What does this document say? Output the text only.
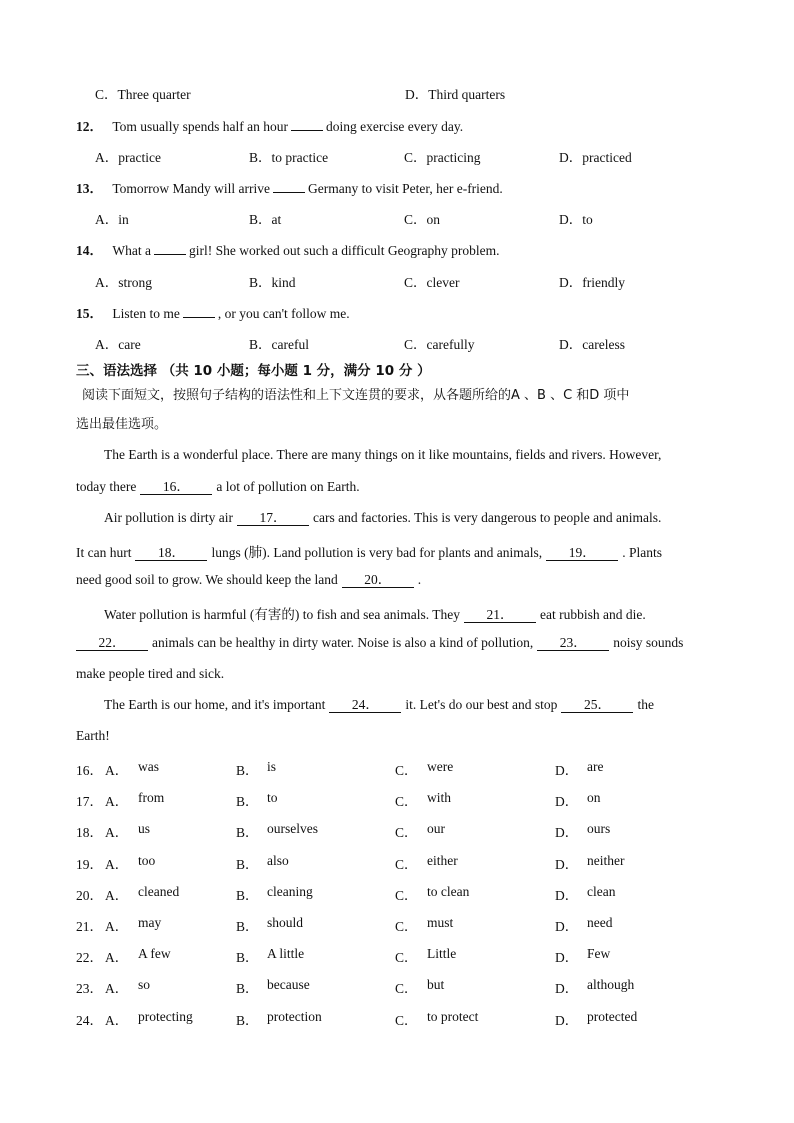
C．Three quarter	D．Third quarters
12． Tom usually spends half an hour	doing exercise every day.
A．practice	B．to practice	C．practicing	D．practiced
13． Tomorrow Mandy will arrive	Germany to visit Peter, her e-friend.
A．in	B．at	C．on	D．to
14． What a	girl! She worked out such a difficult Geography problem.
A．strong	B．kind	C．clever	D．friendly
15． Listen to me	, or you can't follow me.
A．care	B．careful	C．carefully	D．careless
三、语法选择 （共 10 小题；每小题 1 分，满分 10 分 ）
阅读下面短文，按照句子结构的语法性和上下文连贯的要求，从各题所给的A 、B 、C 和D 项中
选出最佳选项。
The Earth is a wonderful place. There are many things on it like mountains, fields and rivers. However,
today there 16． a lot of pollution on Earth.
Air pollution is dirty air 17． cars and factories. This is very dangerous to people and animals.
It can hurt 18． lungs (肺). Land pollution is very bad for plants and animals, 19． . Plants
need good soil to grow. We should keep the land 20． .
Water pollution is harmful (有害的) to fish and sea animals. They 21． eat rubbish and die.
22． animals can be healthy in dirty water. Noise is also a kind of pollution, 23． noisy sounds
make people tired and sick.
The Earth is our home, and it's important 24． it. Let's do our best and stop 25． the
Earth!
16． A． was	B． is	C． were	D． are
17． A． from	B． to	C． with	D． on
18． A． us	B． ourselves	C． our	D． ours
19． A． too	B． also	C． either	D． neither
20． A． cleaned	B． cleaning	C． to clean	D． clean
21． A． may	B． should	C． must	D． need
22． A． A few	B． A little	C． Little	D． Few
23． A． so	B． because	C． but	D． although
24． A． protecting	B． protection	C． to protect	D． protected
